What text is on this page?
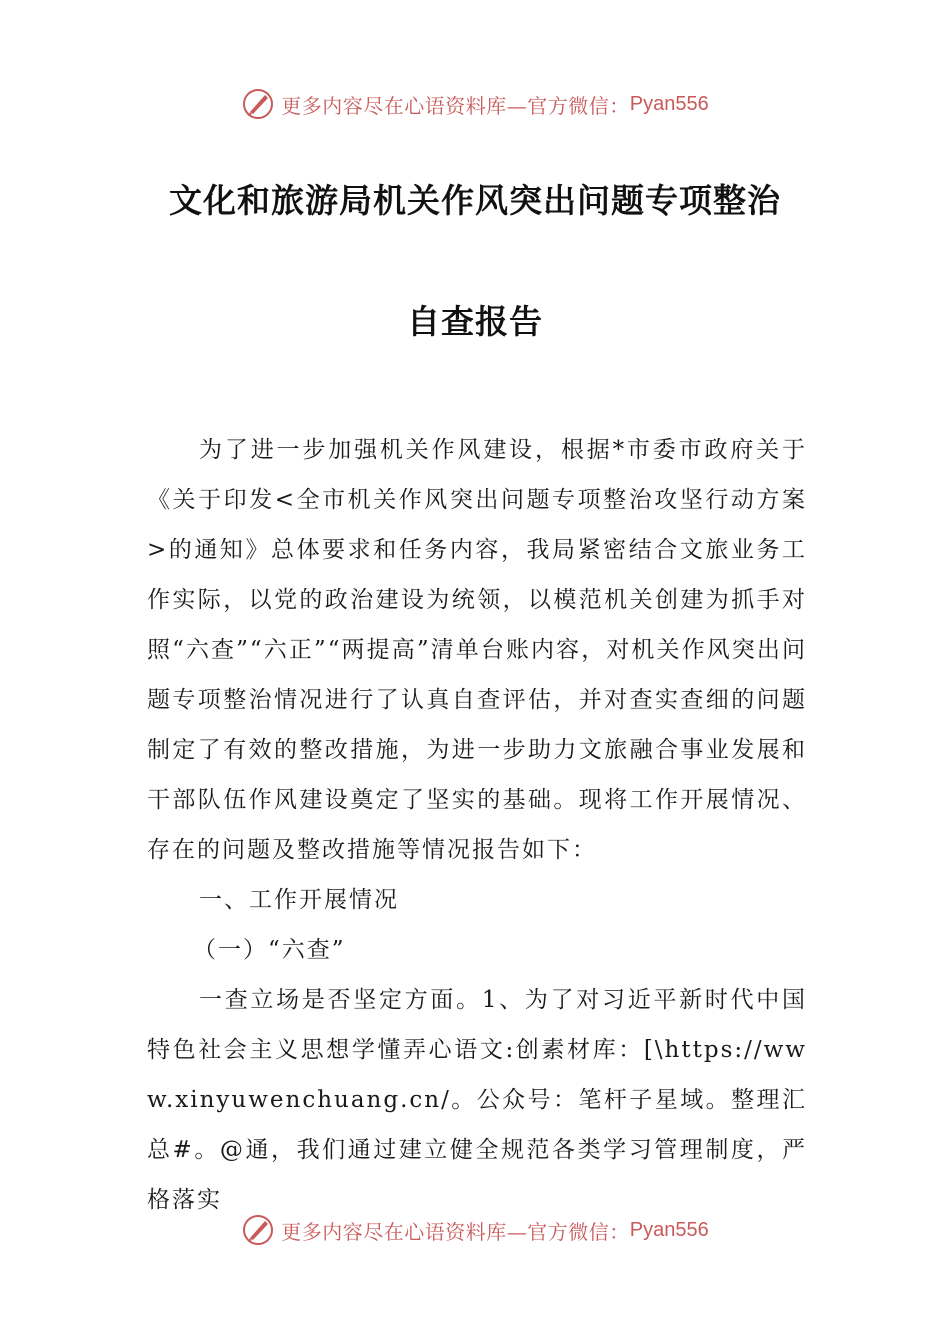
更多内容尽在心语资料库—官方微信： Pyan556
文化和旅游局机关作风突出问题专项整治
自查报告

为了进一步加强机关作风建设，根据*市委市政府关于《关于印发<全市机关作风突出问题专项整治攻坚行动方案>的通知》总体要求和任务内容，我局紧密结合文旅业务工作实际，以党的政治建设为统领，以模范机关创建为抓手对照“六查”“六正”“两提高”清单台账内容，对机关作风突出问题专项整治情况进行了认真自查评估，并对查实查细的问题制定了有效的整改措施，为进一步助力文旅融合事业发展和干部队伍作风建设奠定了坚实的基础。现将工作开展情况、存在的问题及整改措施等情况报告如下：

一、工作开展情况

（一）“六查”

一查立场是否坚定方面。1、为了对习近平新时代中国特色社会主义思想学懂弄心语文:创素材库：[\https://www.xinyuwenchuang.cn/。公众号：笔杆子星域。整理汇总#。@通，我们通过建立健全规范各类学习管理制度，严格落实

更多内容尽在心语资料库—官方微信： Pyan556
